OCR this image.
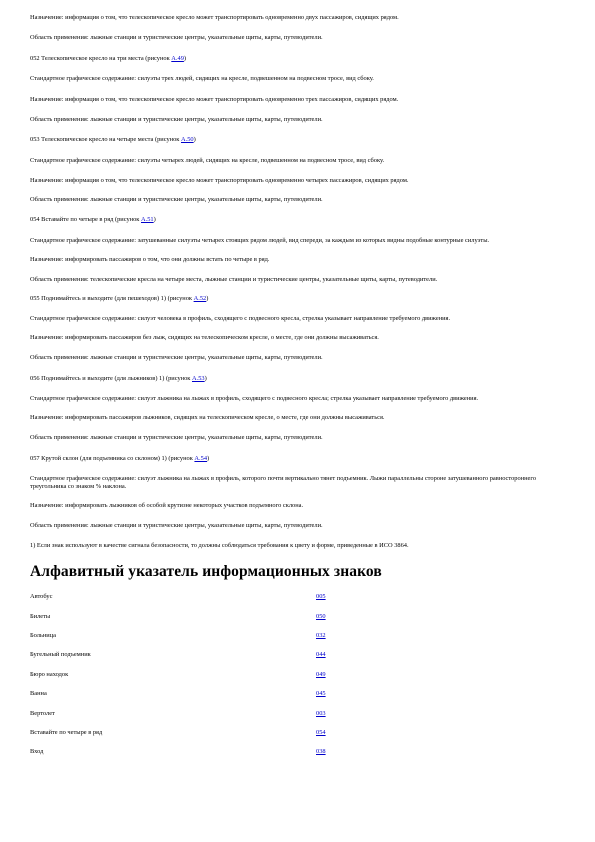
Назначение: информация о том, что телескопическое кресло может транспортировать одновременно двух пассажиров, сидящих рядом.

Область применения: лыжные станции и туристические центры, указательные щиты, карты, путеводители.

052 Телескопическое кресло на три места (рисунок А.49)

Стандартное графическое содержание: силуэты трех людей, сидящих на кресле, подвешенном на подвесном тросе, вид сбоку.

Назначение: информация о том, что телескопическое кресло может транспортировать одновременно трех пассажиров, сидящих рядом.

Область применения: лыжные станции и туристические центры, указательные щиты, карты, путеводители.

053 Телескопическое кресло на четыре места (рисунок А.50)

Стандартное графическое содержание: силуэты четырех людей, сидящих на кресле, подвешенном на подвесном тросе, вид сбоку.

Назначение: информация о том, что телескопическое кресло может транспортировать одновременно четырех пассажиров, сидящих рядом.

Область применения: лыжные станции и туристические центры, указательные щиты, карты, путеводители.

054 Вставайте по четыре в ряд (рисунок А.51)

Стандартное графическое содержание: затушеванные силуэты четырех стоящих рядом людей, вид спереди, за каждым из которых видны подобные контурные силуэты.

Назначение: информировать пассажиров о том, что они должны встать по четыре в ряд.

Область применения: телескопические кресла на четыре места, лыжные станции и туристические центры, указательные щиты, карты, путеводители.

055 Поднимайтесь и выходите (для пешеходов) 1) (рисунок А.52)

Стандартное графическое содержание: силуэт человека в профиль, сходящего с подвесного кресла, стрелка указывает направление требуемого движения.

Назначение: информировать пассажиров без лыж, сидящих на телескопическом кресле, о месте, где они должны высаживаться.

Область применения: лыжные станции и туристические центры, указательные щиты, карты, путеводители.

056 Поднимайтесь и выходите (для лыжников) 1) (рисунок А.53)

Стандартное графическое содержание: силуэт лыжника на лыжах в профиль, сходящего с подвесного кресла; стрелка указывает направление требуемого движения.

Назначение: информировать пассажиров лыжников, сидящих на телескопическом кресле, о месте, где они должны высаживаться.

Область применения: лыжные станции и туристические центры, указательные щиты, карты, путеводители.

057 Крутой склон (для подъемника со склоном) 1) (рисунок А.54)

Стандартное графическое содержание: силуэт лыжника на лыжах в профиль, которого почти вертикально тянет подъемник. Лыжи параллельны стороне затушеванного равностороннего треугольника со знаком % наклона.

Назначение: информировать лыжников об особой крутизне некоторых участков подъемного склона.

Область применения: лыжные станции и туристические центры, указательные щиты, карты, путеводители.

1) Если знак используют в качестве сигнала безопасности, то должны соблюдаться требования к цвету и форме, приведенные в ИСО 3864.

Алфавитный указатель информационных знаков
Автобус	005
Билеты	050
Больница	032
Бугельный подъемник	044
Бюро находок	049
Ванна	045
Вертолет	003
Вставайте по четыре в ряд	054
Вход	038
